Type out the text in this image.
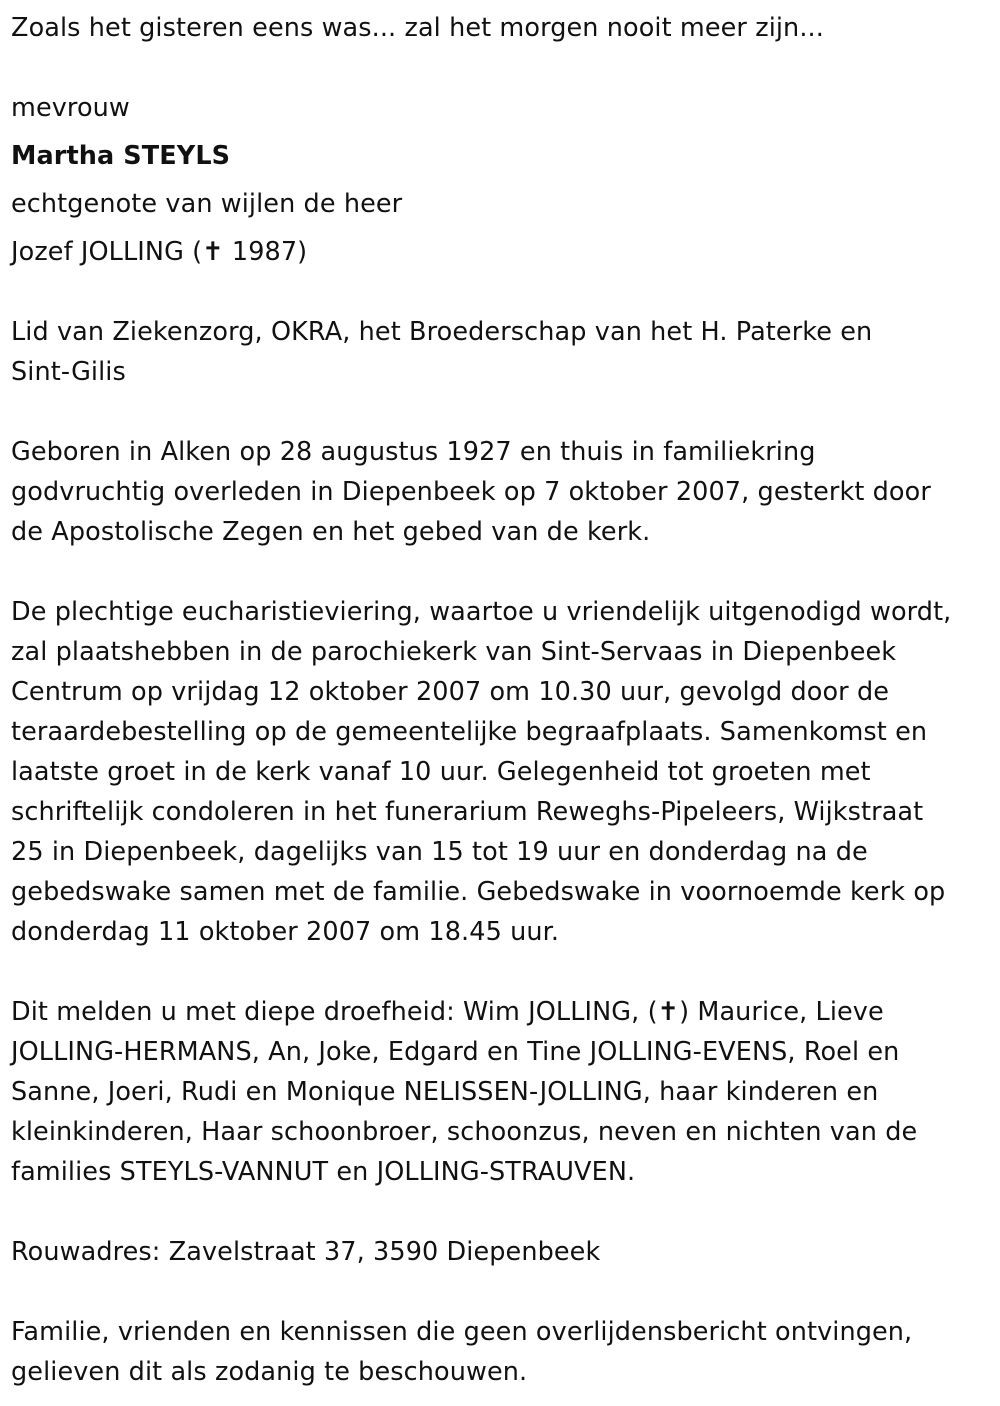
Zoals het gisteren eens was... zal het morgen nooit meer zijn...
mevrouw
Martha STEYLS
echtgenote van wijlen de heer
Jozef JOLLING (✝ 1987)
Lid van Ziekenzorg, OKRA, het Broederschap van het H. Paterke en
Sint-Gilis
Geboren in Alken op 28 augustus 1927 en thuis in familiekring
godvruchtig overleden in Diepenbeek op 7 oktober 2007, gesterkt door
de Apostolische Zegen en het gebed van de kerk.
De plechtige eucharistieviering, waartoe u vriendelijk uitgenodigd wordt,
zal plaatshebben in de parochiekerk van Sint-Servaas in Diepenbeek
Centrum op vrijdag 12 oktober 2007 om 10.30 uur, gevolgd door de
teraardebestelling op de gemeentelijke begraafplaats. Samenkomst en
laatste groet in de kerk vanaf 10 uur. Gelegenheid tot groeten met
schriftelijk condoleren in het funerarium Reweghs-Pipeleers, Wijkstraat
25 in Diepenbeek, dagelijks van 15 tot 19 uur en donderdag na de
gebedswake samen met de familie. Gebedswake in voornoemde kerk op
donderdag 11 oktober 2007 om 18.45 uur.
Dit melden u met diepe droefheid: Wim JOLLING, (✝) Maurice, Lieve
JOLLING-HERMANS, An, Joke, Edgard en Tine JOLLING-EVENS, Roel en
Sanne, Joeri, Rudi en Monique NELISSEN-JOLLING, haar kinderen en
kleinkinderen, Haar schoonbroer, schoonzus, neven en nichten van de
families STEYLS-VANNUT en JOLLING-STRAUVEN.
Rouwadres: Zavelstraat 37, 3590 Diepenbeek
Familie, vrienden en kennissen die geen overlijdensbericht ontvingen,
gelieven dit als zodanig te beschouwen.
